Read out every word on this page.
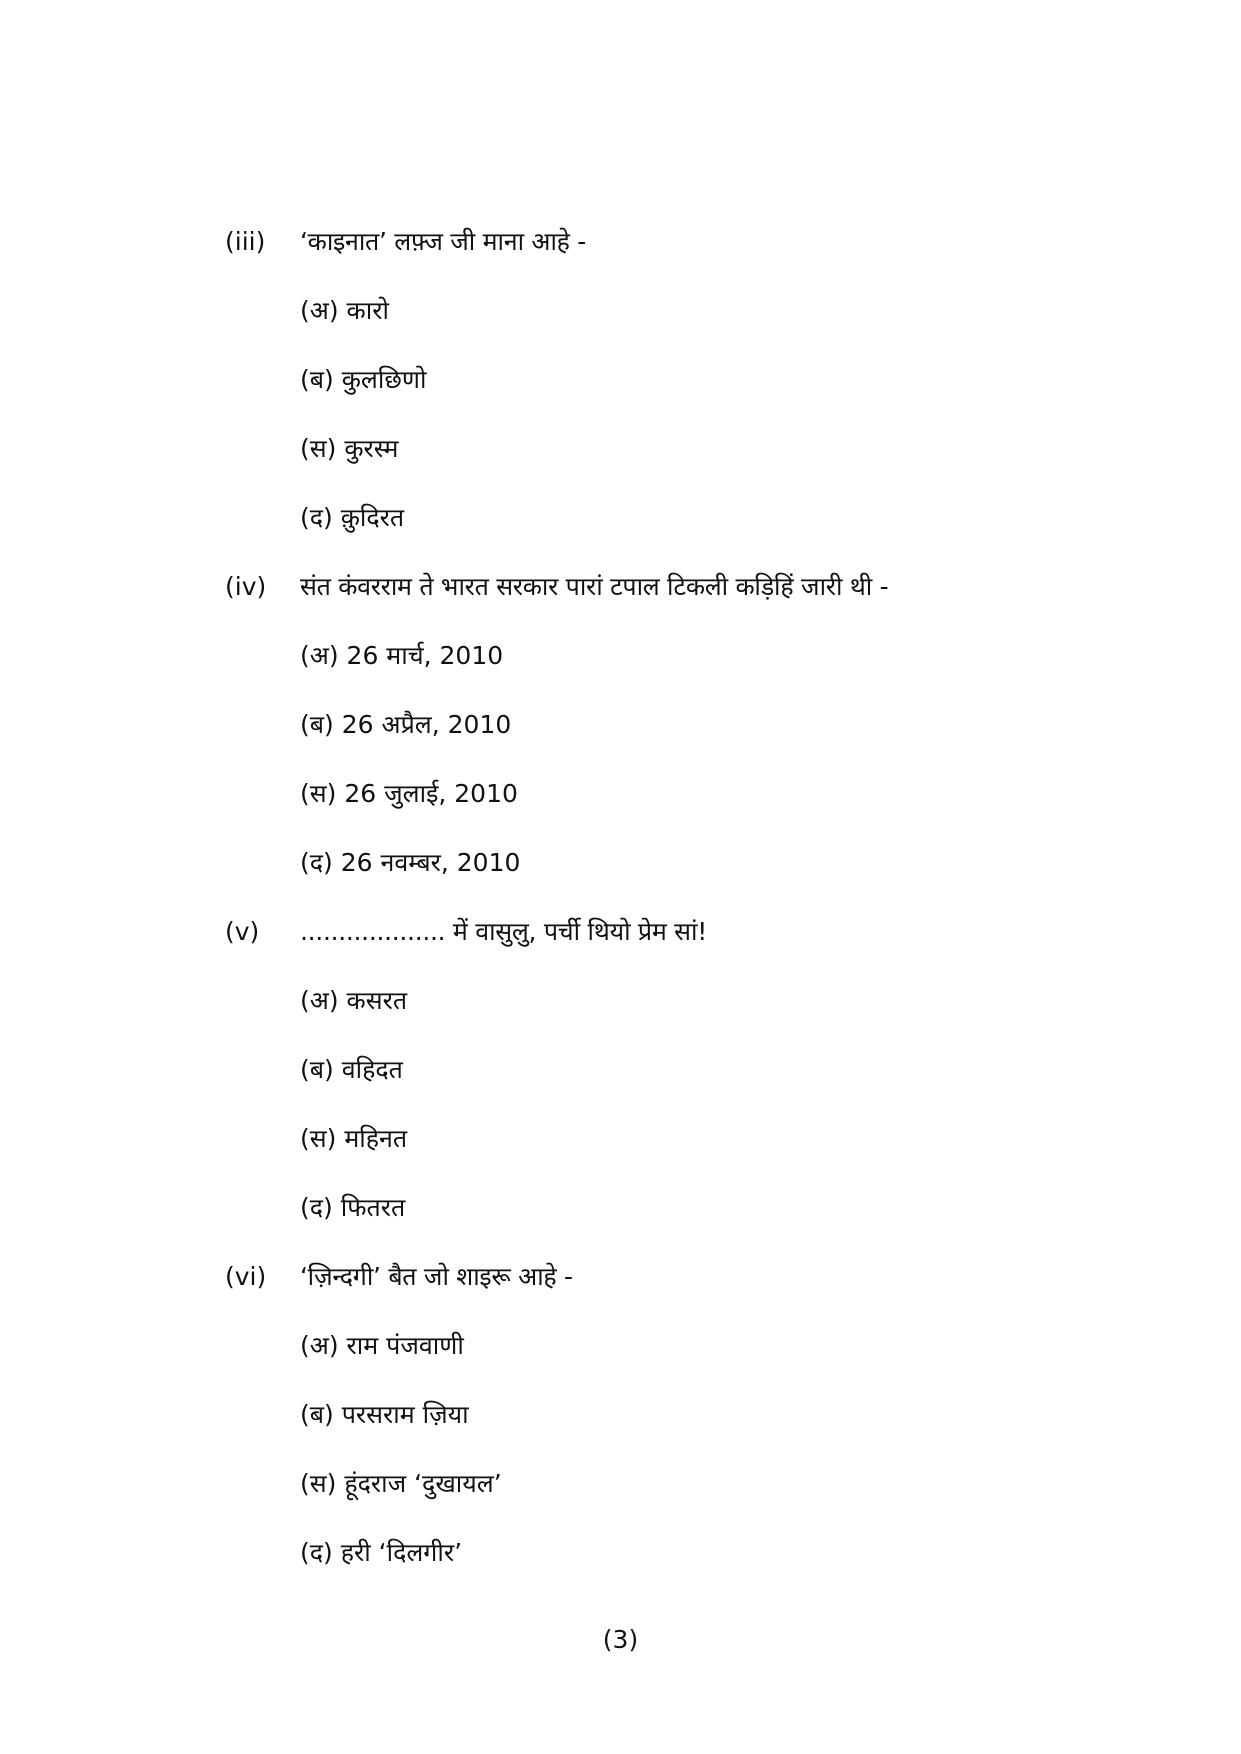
(iii)	‘काइनात’ लफ़्ज जी माना आहे -
(अ) कारो
(ब) कुलछिणो
(स) कुरस्म
(द) क़ुदिरत
(iv)	संत कंवरराम ते भारत सरकार पारां टपाल टिकली कड़िहिं जारी थी -
(अ) 26 मार्च, 2010
(ब) 26 अप्रैल, 2010
(स) 26 जुलाई, 2010
(द) 26 नवम्बर, 2010
(v)	................... में वासुलु, पर्ची थियो प्रेम सां!
(अ) कसरत
(ब) वहिदत
(स) महिनत
(द) फितरत
(vi)	‘ज़िन्दगी’ बैत जो शाइरू आहे -
(अ) राम पंजवाणी
(ब) परसराम ज़िया
(स) हूंदराज ‘दुखायल’
(द) हरी ‘दिलगीर’
(3)
